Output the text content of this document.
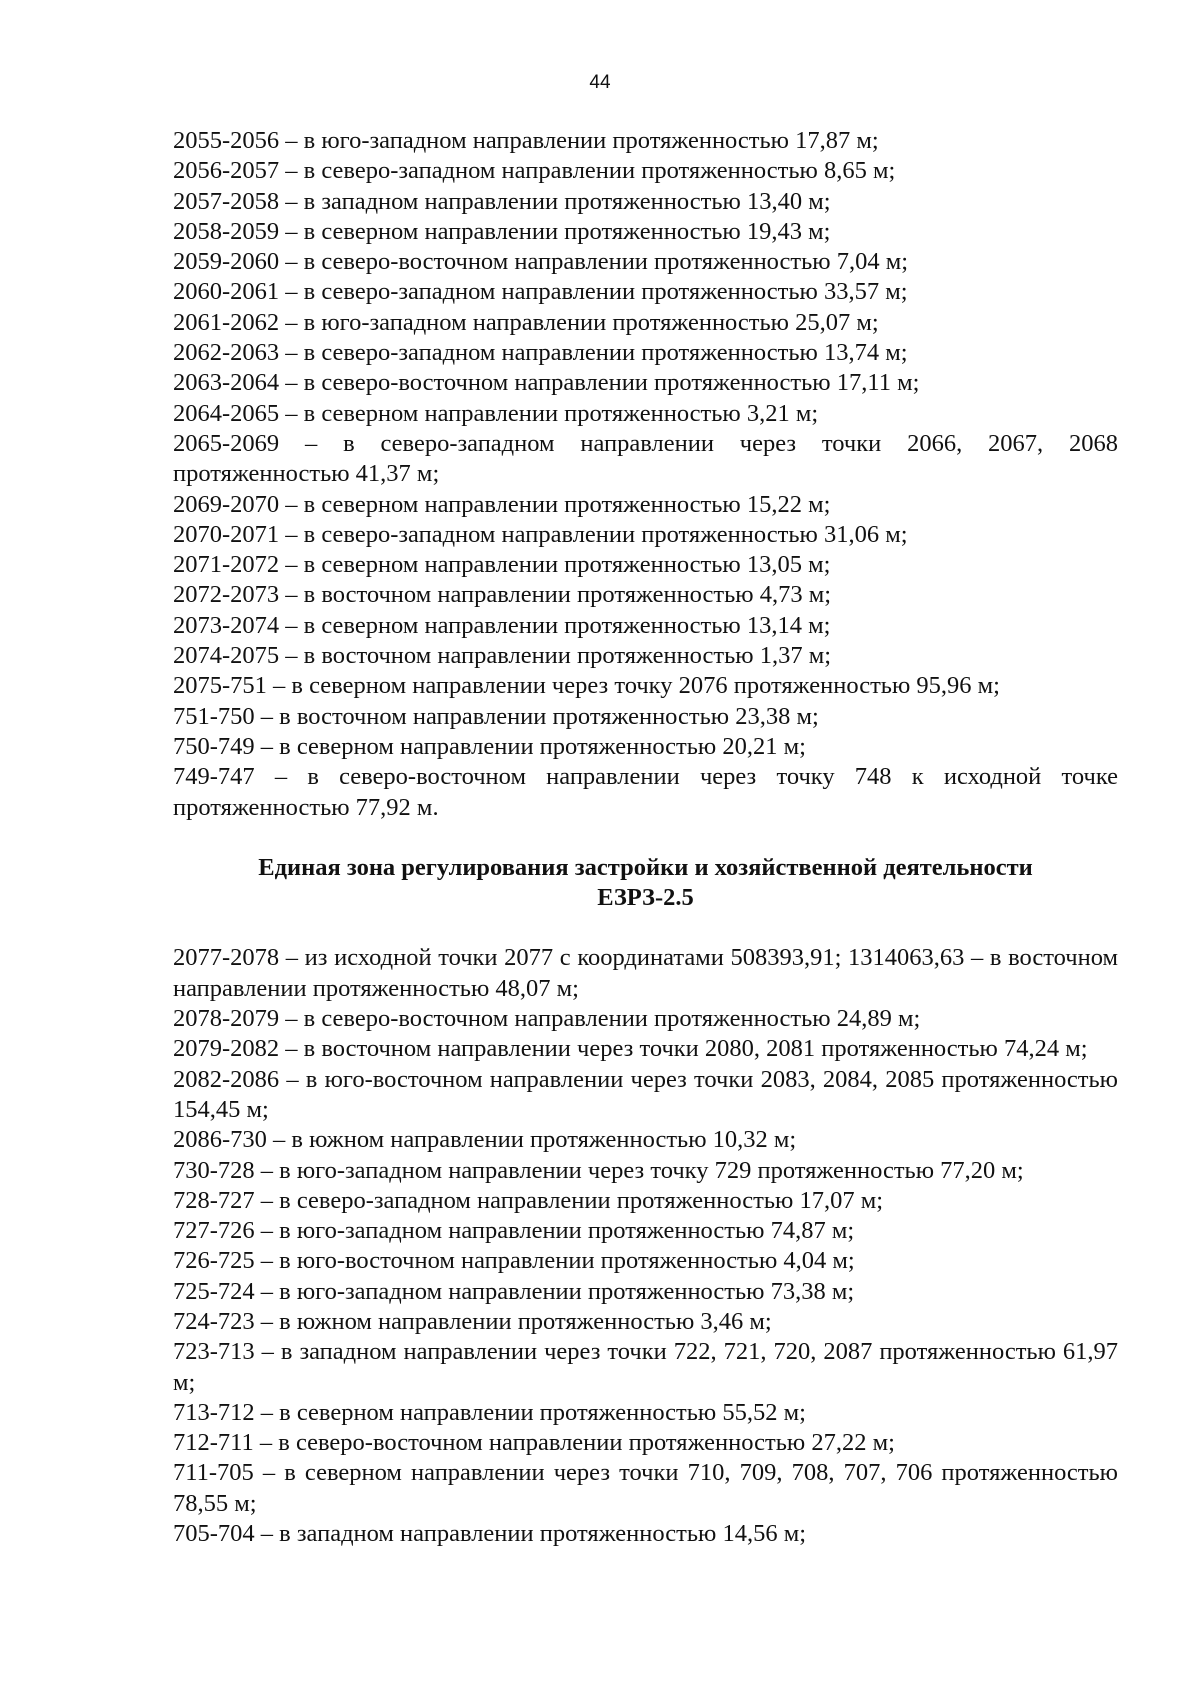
44

2055-2056 – в юго-западном направлении протяженностью 17,87 м;

2056-2057 – в северо-западном направлении протяженностью 8,65 м;

2057-2058 – в западном направлении протяженностью 13,40 м;

2058-2059 – в северном направлении протяженностью 19,43 м;

2059-2060 – в северо-восточном направлении протяженностью 7,04 м;

2060-2061 – в северо-западном направлении протяженностью 33,57 м;

2061-2062 – в юго-западном направлении протяженностью 25,07 м;

2062-2063 – в северо-западном направлении протяженностью 13,74 м;

2063-2064 – в северо-восточном направлении протяженностью 17,11 м;

2064-2065 – в северном направлении протяженностью 3,21 м;

2065-2069 – в северо-западном направлении через точки 2066, 2067, 2068 протяженностью 41,37 м;

2069-2070 – в северном направлении протяженностью 15,22 м;

2070-2071 – в северо-западном направлении протяженностью 31,06 м;

2071-2072 – в северном направлении протяженностью 13,05 м;

2072-2073 – в восточном направлении протяженностью 4,73 м;

2073-2074 – в северном направлении протяженностью 13,14 м;

2074-2075 – в восточном направлении протяженностью 1,37 м;

2075-751 – в северном направлении через точку 2076 протяженностью 95,96 м;

751-750 – в восточном направлении протяженностью 23,38 м;

750-749 – в северном направлении протяженностью 20,21 м;

749-747 – в северо-восточном направлении через точку 748 к исходной точке протяженностью 77,92 м.

Единая зона регулирования застройки и хозяйственной деятельности

ЕЗРЗ-2.5

2077-2078 – из исходной точки 2077 с координатами 508393,91; 1314063,63 – в восточном направлении протяженностью 48,07 м;

2078-2079 – в северо-восточном направлении протяженностью 24,89 м;

2079-2082 – в восточном направлении через точки 2080, 2081 протяженностью 74,24 м;

2082-2086 – в юго-восточном направлении через точки 2083, 2084, 2085 протяженностью 154,45 м;

2086-730 – в южном направлении протяженностью 10,32 м;

730-728 – в юго-западном направлении через точку 729 протяженностью 77,20 м;

728-727 – в северо-западном направлении протяженностью 17,07 м;

727-726 – в юго-западном направлении протяженностью 74,87 м;

726-725 – в юго-восточном направлении протяженностью 4,04 м;

725-724 – в юго-западном направлении протяженностью 73,38 м;

724-723 – в южном направлении протяженностью 3,46 м;

723-713 – в западном направлении через точки 722, 721, 720, 2087 протяженностью 61,97 м;

713-712 – в северном направлении протяженностью 55,52 м;

712-711 – в северо-восточном направлении протяженностью 27,22 м;

711-705 – в северном направлении через точки 710, 709, 708, 707, 706 протяженностью 78,55 м;

705-704 – в западном направлении протяженностью 14,56 м;
